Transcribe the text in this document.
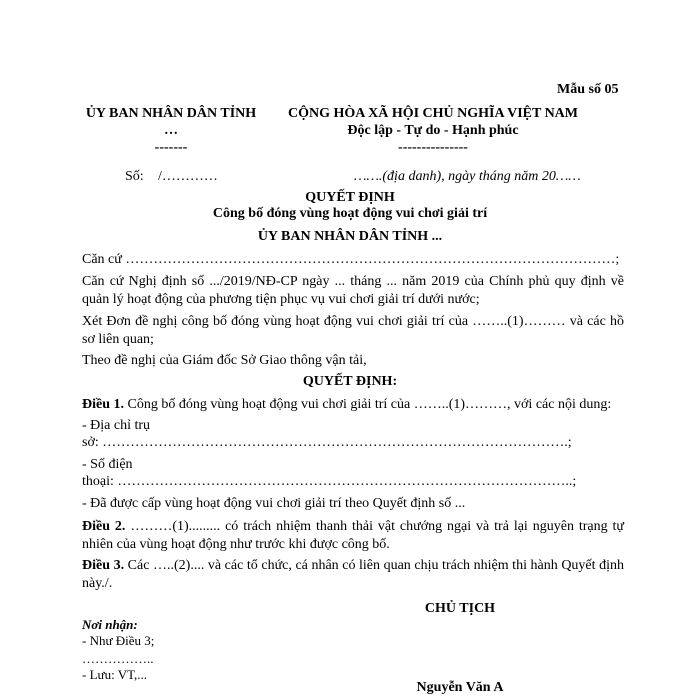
Mẫu số 05
ỦY BAN NHÂN DÂN TỈNH
…
-------
CỘNG HÒA XÃ HỘI CHỦ NGHĨA VIỆT NAM
Độc lập - Tự do - Hạnh phúc
---------------
Số: /…………	…….(địa danh), ngày tháng năm 20……
QUYẾT ĐỊNH
Công bố đóng vùng hoạt động vui chơi giải trí
ỦY BAN NHÂN DÂN TỈNH ...
Căn cứ ……………………………………………………………………………………………;
Căn cứ Nghị định số .../2019/NĐ-CP ngày ... tháng ... năm 2019 của Chính phủ quy định về quản lý hoạt động của phương tiện phục vụ vui chơi giải trí dưới nước;
Xét Đơn đề nghị công bố đóng vùng hoạt động vui chơi giải trí của ……..(1)……… và các hồ sơ liên quan;
Theo đề nghị của Giám đốc Sở Giao thông vận tải,
QUYẾT ĐỊNH:
Điều 1. Công bố đóng vùng hoạt động vui chơi giải trí của ……..(1)………, với các nội dung:
- Địa chỉ trụ
sở: ……………………………………………………………………………………….;
- Số điện
thoại: ……………………………………………………………………………………..;
- Đã được cấp vùng hoạt động vui chơi giải trí theo Quyết định số ...
Điều 2. ………(1)......... có trách nhiệm thanh thải vật chướng ngại và trả lại nguyên trạng tự nhiên của vùng hoạt động như trước khi được công bố.
Điều 3. Các …..(2).... và các tổ chức, cá nhân có liên quan chịu trách nhiệm thi hành Quyết định này./.
Nơi nhận:
- Như Điều 3;
……………..
- Lưu: VT,...
CHỦ TỊCH
Nguyễn Văn A
